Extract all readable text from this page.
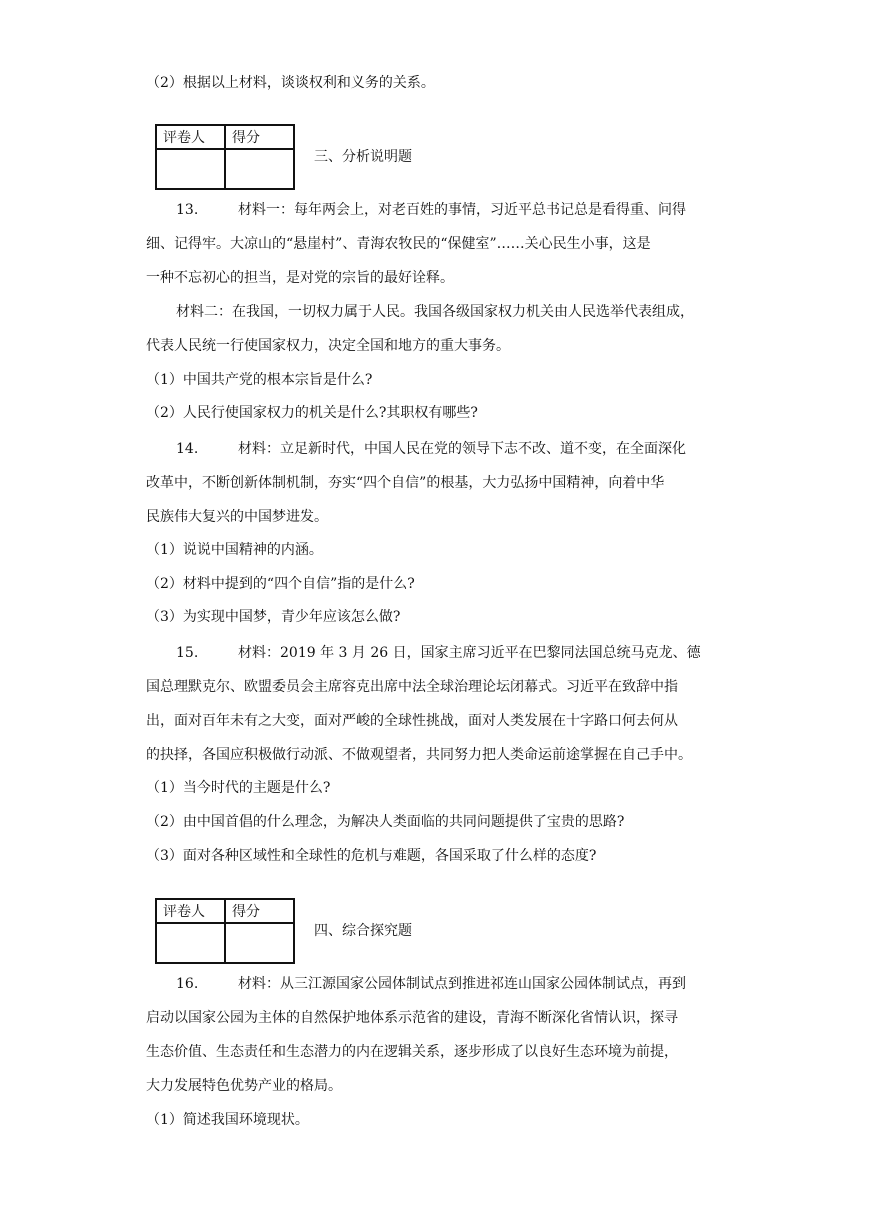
（2）根据以上材料，谈谈权利和义务的关系。
评卷人	得分

三、分析说明题
13.	材料一：每年两会上，对老百姓的事情，习近平总书记总是看得重、问得
细、记得牢。大凉山的“悬崖村”、青海农牧民的“保健室”……关心民生小事，这是
一种不忘初心的担当，是对党的宗旨的最好诠释。
材料二：在我国，一切权力属于人民。我国各级国家权力机关由人民选举代表组成，
代表人民统一行使国家权力，决定全国和地方的重大事务。
（1）中国共产党的根本宗旨是什么?
（2）人民行使国家权力的机关是什么?其职权有哪些?
14.	材料：立足新时代，中国人民在党的领导下志不改、道不变，在全面深化
改革中，不断创新体制机制，夯实“四个自信”的根基，大力弘扬中国精神，向着中华
民族伟大复兴的中国梦进发。
（1）说说中国精神的内涵。
（2）材料中提到的“四个自信”指的是什么?
（3）为实现中国梦，青少年应该怎么做?
15.	材料：2019 年 3 月 26 日，国家主席习近平在巴黎同法国总统马克龙、德
国总理默克尔、欧盟委员会主席容克出席中法全球治理论坛闭幕式。习近平在致辞中指
出，面对百年未有之大变，面对严峻的全球性挑战，面对人类发展在十字路口何去何从
的抉择，各国应积极做行动派、不做观望者，共同努力把人类命运前途掌握在自己手中。
（1）当今时代的主题是什么?
（2）由中国首倡的什么理念，为解决人类面临的共同问题提供了宝贵的思路?
（3）面对各种区域性和全球性的危机与难题，各国采取了什么样的态度?
评卷人	得分

四、综合探究题
16.	材料：从三江源国家公园体制试点到推进祁连山国家公园体制试点，再到
启动以国家公园为主体的自然保护地体系示范省的建设，青海不断深化省情认识，探寻
生态价值、生态责任和生态潜力的内在逻辑关系，逐步形成了以良好生态环境为前提，
大力发展特色优势产业的格局。
（1）简述我国环境现状。
